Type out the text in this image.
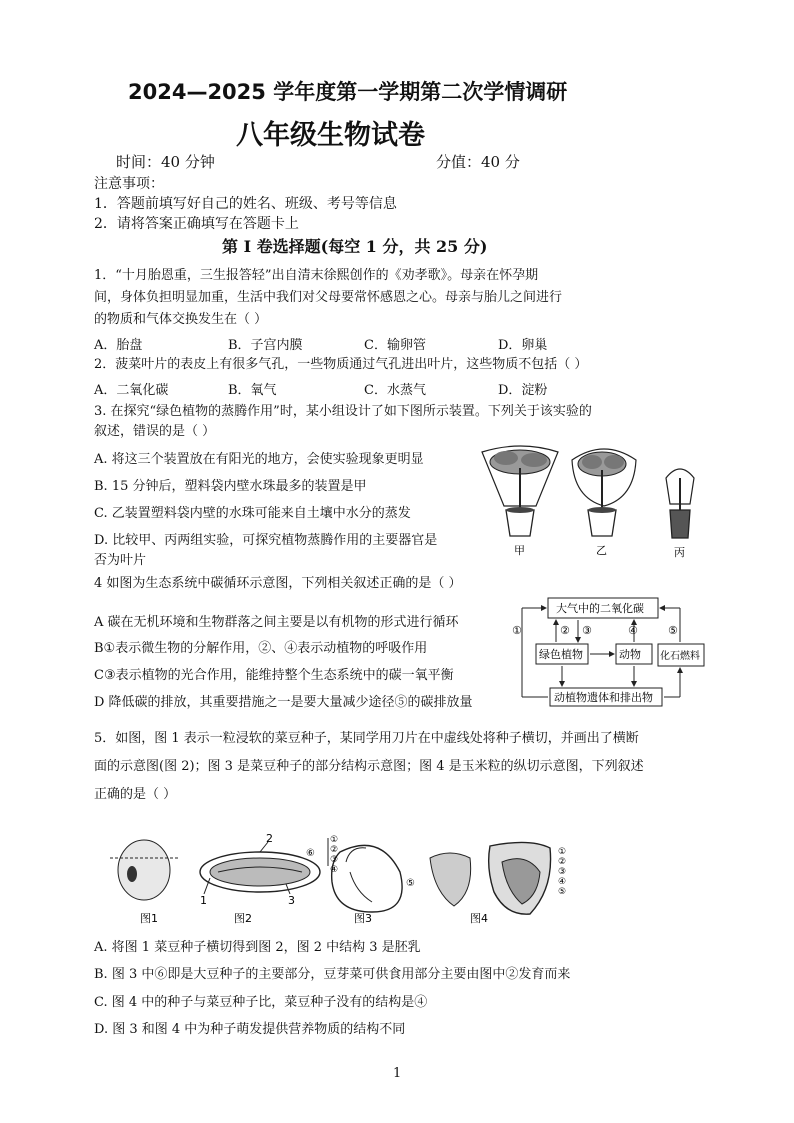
2024—2025 学年度第一学期第二次学情调研
八年级生物试卷
时间：40 分钟	分值：40 分
注意事项：
1．答题前填写好自己的姓名、班级、考号等信息
2．请将答案正确填写在答题卡上
第 I 卷选择题(每空 1 分，共 25 分)
1．“十月胎恩重，三生报答轻”出自清末徐熙创作的《劝孝歌》。母亲在怀孕期
间，身体负担明显加重，生活中我们对父母要常怀感恩之心。母亲与胎儿之间进行
的物质和气体交换发生在（ ）
A．胎盘	B．子宫内膜	C．输卵管	D．卵巢
2．菠菜叶片的表皮上有很多气孔，一些物质通过气孔进出叶片，这些物质不包括（ ）
A．二氧化碳	B．氧气	C．水蒸气	D．淀粉
3. 在探究“绿色植物的蒸腾作用”时，某小组设计了如下图所示装置。下列关于该实验的
叙述，错误的是（ ）
A. 将这三个装置放在有阳光的地方，会使实验现象更明显
B. 15 分钟后，塑料袋内壁水珠最多的装置是甲
C. 乙装置塑料袋内壁的水珠可能来自土壤中水分的蒸发
D. 比较甲、丙两组实验，可探究植物蒸腾作用的主要器官是
否为叶片
甲	乙	丙
4 如图为生态系统中碳循环示意图，下列相关叙述正确的是（ ）
A 碳在无机环境和生物群落之间主要是以有机物的形式进行循环
B①表示微生物的分解作用，②、④表示动植物的呼吸作用
C③表示植物的光合作用，能维持整个生态系统中的碳一氧平衡
D 降低碳的排放，其重要措施之一是要大量减少途径⑤的碳排放量
大气中的二氧化碳
绿色植物	动物 化石燃料
动植物遗体和排出物
①	② ③	④	⑤
5．如图，图 1 表示一粒浸软的菜豆种子，某同学用刀片在中虚线处将种子横切，并画出了横断
面的示意图(图 2)；图 3 是菜豆种子的部分结构示意图；图 4 是玉米粒的纵切示意图，下列叙述
正确的是（ ）
2
1	3
⑥
①
②
③
④
⑤
①
②
③
④
⑤
图1	图2	图3	图4
A. 将图 1 菜豆种子横切得到图 2，图 2 中结构 3 是胚乳
B. 图 3 中⑥即是大豆种子的主要部分，豆芽菜可供食用部分主要由图中②发育而来
C. 图 4 中的种子与菜豆种子比，菜豆种子没有的结构是④
D. 图 3 和图 4 中为种子萌发提供营养物质的结构不同
1
